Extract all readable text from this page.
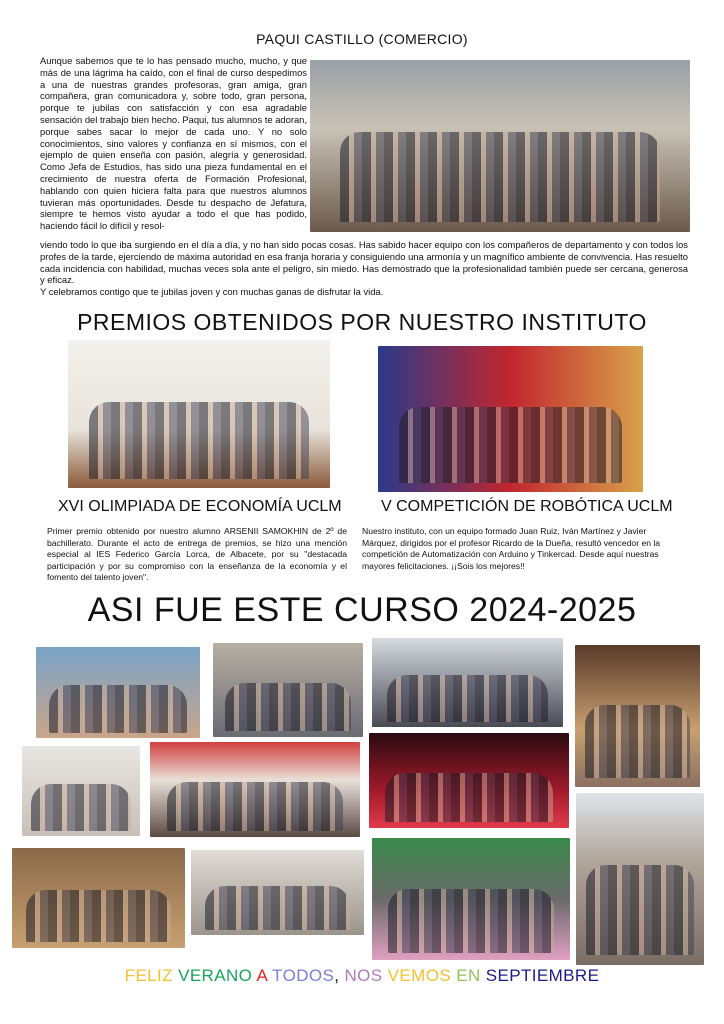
PAQUI CASTILLO (COMERCIO)
Aunque sabemos que te lo has pensado mucho, mucho, y que más de una lágrima ha caído, con el final de curso despedimos a una de nuestras grandes profesoras, gran amiga, gran compañera, gran comunicadora y, sobre todo, gran persona, porque te jubilas con satisfacción y con esa agradable sensación del trabajo bien hecho. Paqui, tus alumnos te adoran, porque sabes sacar lo mejor de cada uno. Y no solo conocimientos, sino valores y confianza en sí mismos, con el ejemplo de quien enseña con pasión, alegría y generosidad. Como Jefa de Estudios, has sido una pieza fundamental en el crecimiento de nuestra oferta de Formación Profesional, hablando con quien hiciera falta para que nuestros alumnos tuvieran más oportunidades. Desde tu despacho de Jefatura, siempre te hemos visto ayudar a todo el que has podido, haciendo fácil lo difícil y resol-
viendo todo lo que iba surgiendo en el día a día, y no han sido pocas cosas. Has sabido hacer equipo con los compañeros de departamento y con todos los profes de la tarde, ejerciendo de máxima autoridad en esa franja horaria y consiguiendo una armonía y un magnífico ambiente de convivencia. Has resuelto cada incidencia con habilidad, muchas veces sola ante el peligro, sin miedo. Has demostrado que la profesionalidad también puede ser cercana, generosa y eficaz.
Y celebramos contigo que te jubilas joven y con muchas ganas de disfrutar la vida.
PREMIOS OBTENIDOS POR NUESTRO INSTITUTO
XVI OLIMPIADA DE ECONOMÍA UCLM V COMPETICIÓN DE ROBÓTICA UCLM
Primer premio obtenido por nuestro alumno ARSENII SAMOKHIN de 2º de bachillerato. Durante el acto de entrega de premios, se hizo una mención especial al IES Federico García Lorca, de Albacete, por su "destacada participación y por su compromiso con la enseñanza de la economía y el fomento del talento joven".
Nuestro instituto, con un equipo formado Juan Ruiz, Iván Martínez y Javier Márquez, dirigidos por el profesor Ricardo de la Dueña, resultó vencedor en la competición de Automatización con Arduino y Tinkercad. Desde aquí nuestras mayores felicitaciones. ¡¡Sois los mejores!!
ASI FUE ESTE CURSO 2024-2025
FELIZ VERANO A TODOS, NOS VEMOS EN SEPTIEMBRE
